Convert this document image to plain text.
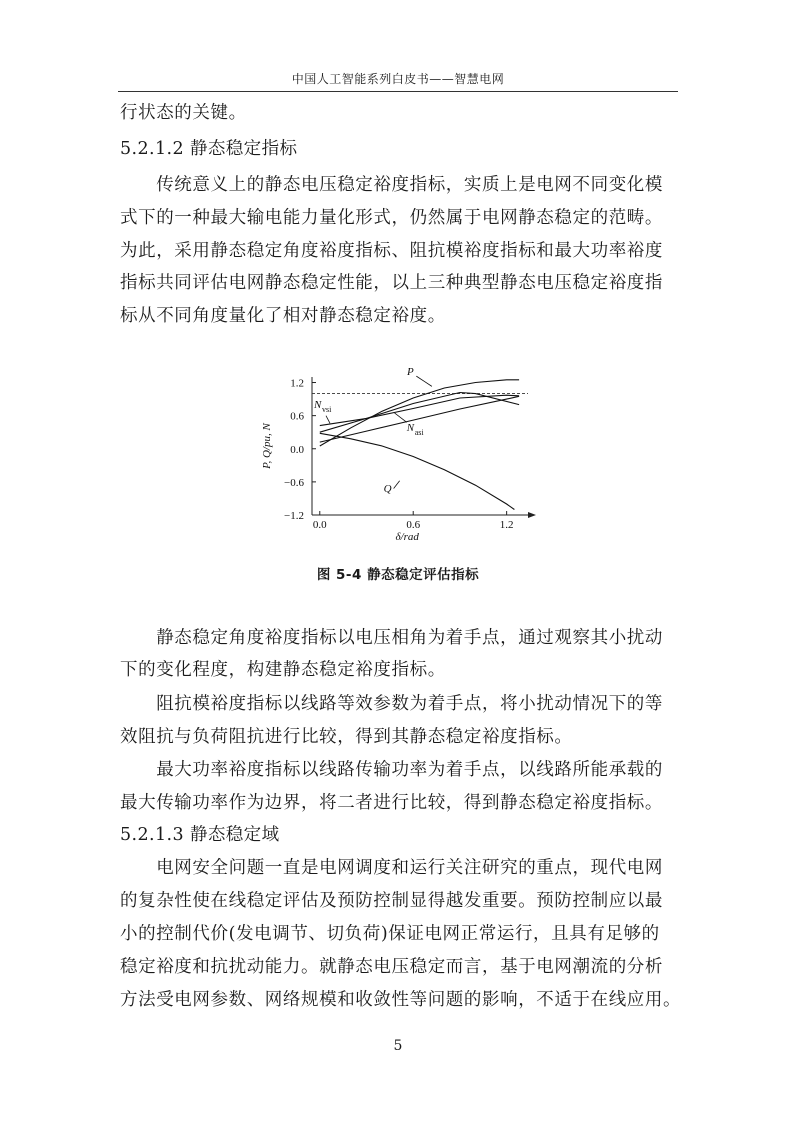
中国人工智能系列白皮书——智慧电网
行状态的关键。
5.2.1.2 静态稳定指标
　　传统意义上的静态电压稳定裕度指标，实质上是电网不同变化模
式下的一种最大输电能力量化形式，仍然属于电网静态稳定的范畴。
为此，采用静态稳定角度裕度指标、阻抗模裕度指标和最大功率裕度
指标共同评估电网静态稳定性能，以上三种典型静态电压稳定裕度指
标从不同角度量化了相对静态稳定裕度。
1.2
0.6
0.0
−0.6
−1.2
0.0	0.6	1.2
δ/rad
P, Q/pu, N
P
N vsi
N asi
Q
图 5-4 静态稳定评估指标
　　静态稳定角度裕度指标以电压相角为着手点，通过观察其小扰动
下的变化程度，构建静态稳定裕度指标。
　　阻抗模裕度指标以线路等效参数为着手点，将小扰动情况下的等
效阻抗与负荷阻抗进行比较，得到其静态稳定裕度指标。
　　最大功率裕度指标以线路传输功率为着手点，以线路所能承载的
最大传输功率作为边界，将二者进行比较，得到静态稳定裕度指标。
5.2.1.3 静态稳定域
　　电网安全问题一直是电网调度和运行关注研究的重点，现代电网
的复杂性使在线稳定评估及预防控制显得越发重要。预防控制应以最
小的控制代价(发电调节、切负荷)保证电网正常运行，且具有足够的
稳定裕度和抗扰动能力。就静态电压稳定而言，基于电网潮流的分析
方法受电网参数、网络规模和收敛性等问题的影响，不适于在线应用。
5
